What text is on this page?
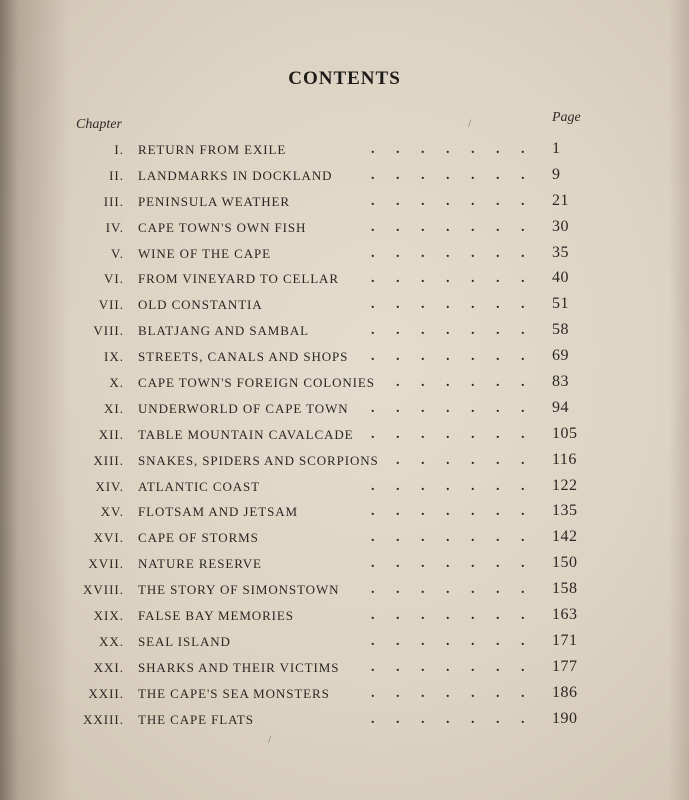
CONTENTS
Chapter	Page
/
/
I. RETURN FROM EXILE	. . . . . . . 1
II. LANDMARKS IN DOCKLAND	. . . . . . . 9
III. PENINSULA WEATHER	. . . . . . . 21
IV. CAPE TOWN'S OWN FISH	. . . . . . . 30
V. WINE OF THE CAPE	. . . . . . . 35
VI. FROM VINEYARD TO CELLAR . . . . . . . 40
VII. OLD CONSTANTIA	. . . . . . . 51
VIII. BLATJANG AND SAMBAL	. . . . . . . 58
IX. STREETS, CANALS AND SHOPS . . . . . . . 69
X. CAPE TOWN'S FOREIGN COLONIES . . . . . . 83
XI. UNDERWORLD OF CAPE TOWN . . . . . . . 94
XII. TABLE MOUNTAIN CAVALCADE . . . . . . . 105
XIII. SNAKES, SPIDERS AND SCORPIONS . . . . . . 116
XIV. ATLANTIC COAST	. . . . . . . 122
XV. FLOTSAM AND JETSAM	. . . . . . . 135
XVI. CAPE OF STORMS	. . . . . . . 142
XVII. NATURE RESERVE	. . . . . . . 150
XVIII. THE STORY OF SIMONSTOWN . . . . . . . 158
XIX. FALSE BAY MEMORIES	. . . . . . . 163
XX. SEAL ISLAND	. . . . . . . 171
XXI. SHARKS AND THEIR VICTIMS . . . . . . . 177
XXII. THE CAPE'S SEA MONSTERS	. . . . . . . 186
XXIII. THE CAPE FLATS	. . . . . . . 190
